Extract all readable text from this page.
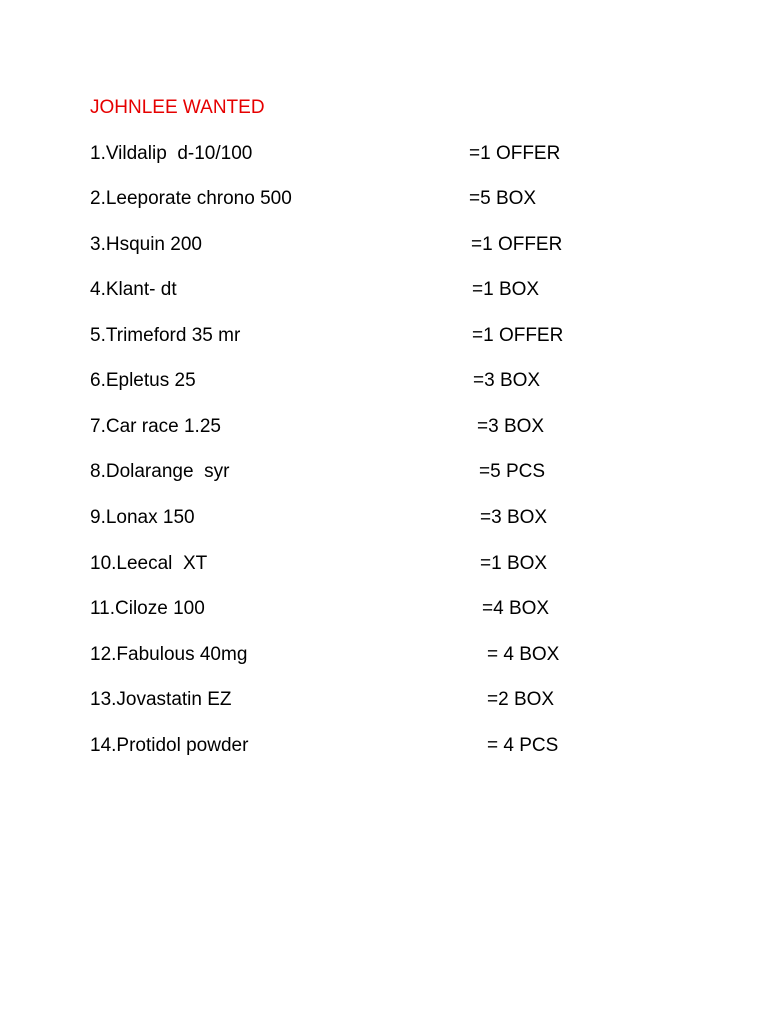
JOHNLEE WANTED
1.Vildalip  d-10/100	=1 OFFER
2.Leeporate chrono 500	=5 BOX
3.Hsquin 200	=1 OFFER
4.Klant- dt	=1 BOX
5.Trimeford 35 mr	=1 OFFER
6.Epletus 25	=3 BOX
7.Car race 1.25	=3 BOX
8.Dolarange  syr	=5 PCS
9.Lonax 150	=3 BOX
10.Leecal  XT	=1 BOX
11.Ciloze 100	=4 BOX
12.Fabulous 40mg	= 4 BOX
13.Jovastatin EZ	=2 BOX
14.Protidol powder	= 4 PCS
